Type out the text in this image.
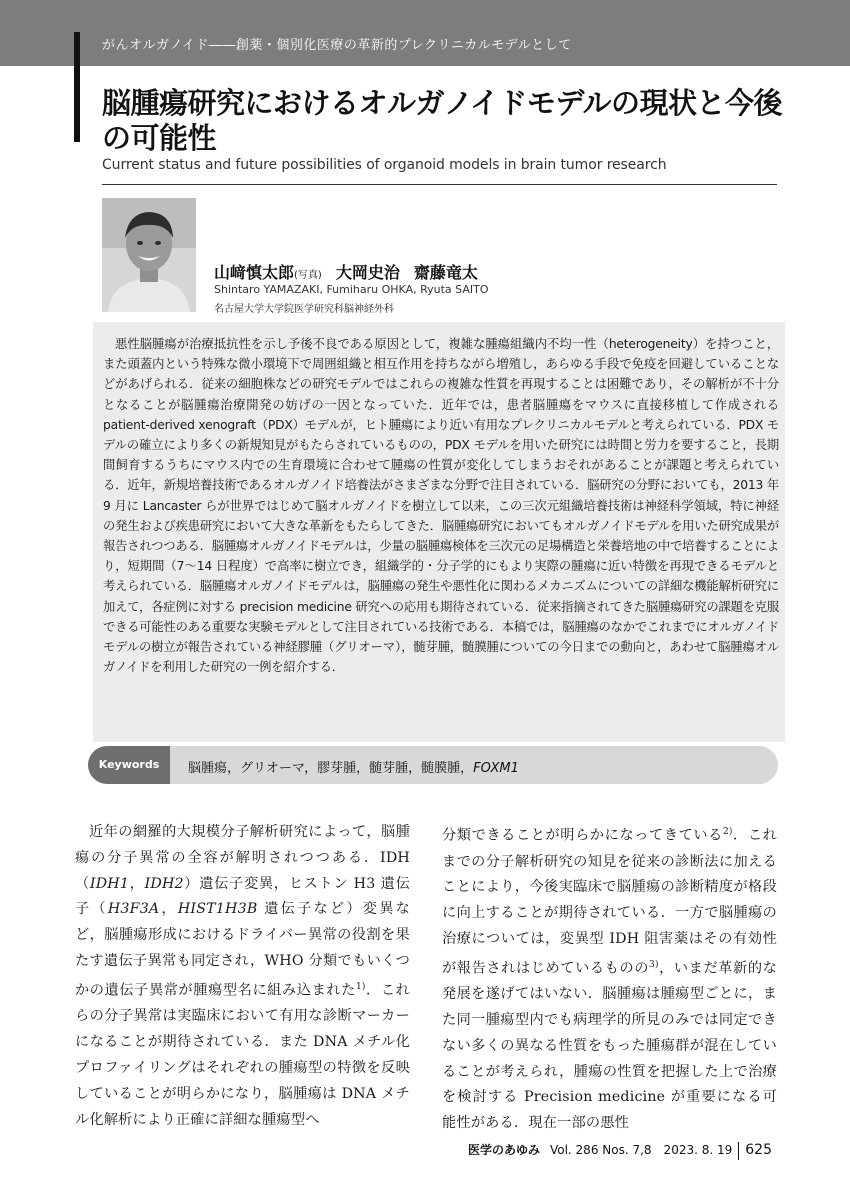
がんオルガノイド――創薬・個別化医療の革新的プレクリニカルモデルとして
脳腫瘍研究におけるオルガノイドモデルの現状と今後の可能性
Current status and future possibilities of organoid models in brain tumor research
山﨑慎太郎(写真) 大岡史治 齋藤竜太
Shintaro YAMAZAKI, Fumiharu OHKA, Ryuta SAITO
名古屋大学大学院医学研究科脳神経外科

悪性脳腫瘍が治療抵抗性を示し予後不良である原因として，複雑な腫瘍組織内不均一性（heterogeneity）を持つこと，また頭蓋内という特殊な微小環境下で周囲組織と相互作用を持ちながら増殖し，あらゆる手段で免疫を回避していることなどがあげられる．従来の細胞株などの研究モデルではこれらの複雑な性質を再現することは困難であり，その解析が不十分となることが脳腫瘍治療開発の妨げの一因となっていた．近年では，患者脳腫瘍をマウスに直接移植して作成される patient-derived xenograft（PDX）モデルが，ヒト腫瘍により近い有用なプレクリニカルモデルと考えられている．PDX モデルの確立により多くの新規知見がもたらされているものの，PDX モデルを用いた研究には時間と労力を要すること，長期間飼育するうちにマウス内での生育環境に合わせて腫瘍の性質が変化してしまうおそれがあることが課題と考えられている．近年，新規培養技術であるオルガノイド培養法がさまざまな分野で注目されている．脳研究の分野においても，2013 年 9 月に Lancaster らが世界ではじめて脳オルガノイドを樹立して以来，この三次元組織培養技術は神経科学領域，特に神経の発生および疾患研究において大きな革新をもたらしてきた．脳腫瘍研究においてもオルガノイドモデルを用いた研究成果が報告されつつある．脳腫瘍オルガノイドモデルは，少量の脳腫瘍検体を三次元の足場構造と栄養培地の中で培養することにより，短期間（7〜14 日程度）で高率に樹立でき，組織学的・分子学的にもより実際の腫瘍に近い特徴を再現できるモデルと考えられている．脳腫瘍オルガノイドモデルは，脳腫瘍の発生や悪性化に関わるメカニズムについての詳細な機能解析研究に加えて，各症例に対する precision medicine 研究への応用も期待されている．従来指摘されてきた脳腫瘍研究の課題を克服できる可能性のある重要な実験モデルとして注目されている技術である．本稿では，脳腫瘍のなかでこれまでにオルガノイドモデルの樹立が報告されている神経膠腫（グリオーマ），髄芽腫，髄膜腫についての今日までの動向と，あわせて脳腫瘍オルガノイドを利用した研究の一例を紹介する．

Keywords	脳腫瘍，グリオーマ，膠芽腫，髄芽腫，髄膜腫，FOXM1

近年の網羅的大規模分子解析研究によって，脳腫瘍の分子異常の全容が解明されつつある．IDH（IDH1，IDH2）遺伝子変異，ヒストン H3 遺伝子（H3F3A，HIST1H3B 遺伝子など）変異など，脳腫瘍形成におけるドライバー異常の役割を果たす遺伝子異常も同定され，WHO 分類でもいくつかの遺伝子異常が腫瘍型名に組み込まれた$^{1)}$．これらの分子異常は実臨床において有用な診断マーカーになることが期待されている．また DNA メチル化プロファイリングはそれぞれの腫瘍型の特徴を反映していることが明らかになり，脳腫瘍は DNA メチル化解析により正確に詳細な腫瘍型へ

分類できることが明らかになってきている$^{2)}$．これまでの分子解析研究の知見を従来の診断法に加えることにより，今後実臨床で脳腫瘍の診断精度が格段に向上することが期待されている．一方で脳腫瘍の治療については，変異型 IDH 阻害薬はその有効性が報告されはじめているものの$^{3)}$，いまだ革新的な発展を遂げてはいない．脳腫瘍は腫瘍型ごとに，また同一腫瘍型内でも病理学的所見のみでは同定できない多くの異なる性質をもった腫瘍群が混在していることが考えられ，腫瘍の性質を把握した上で治療を検討する Precision medicine が重要になる可能性がある．現在一部の悪性

医学のあゆみ Vol. 286 Nos. 7,8　2023. 8. 19 625
